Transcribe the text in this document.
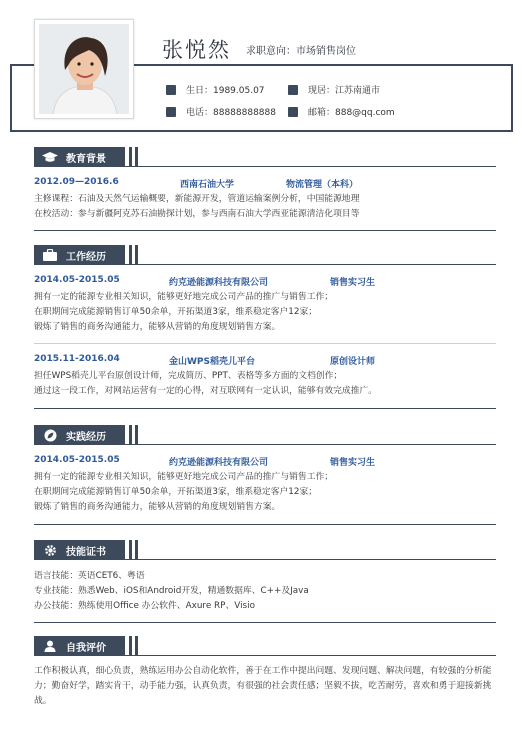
张悦然 求职意向：市场销售岗位
生日：1989.05.07	现居：江苏南通市
电话：88888888888	邮箱：888@qq.com
教育背景
2012.09—2016.6	西南石油大学	物流管理（本科）
主修课程：石油及天然气运输概要，新能源开发，管道运输案例分析，中国能源地理
在校活动：参与新疆阿克苏石油勘探计划，参与西南石油大学西亚能源清洁化项目等
工作经历
2014.05-2015.05	约克逊能源科技有限公司	销售实习生
拥有一定的能源专业相关知识，能够更好地完成公司产品的推广与销售工作；
在职期间完成能源销售订单50余单，开拓渠道3家，维系稳定客户12家；
锻炼了销售的商务沟通能力，能够从营销的角度规划销售方案。
2015.11-2016.04	金山WPS稻壳儿平台	原创设计师
担任WPS稻壳儿平台原创设计师，完成简历、PPT、表格等多方面的文档创作；
通过这一段工作，对网站运营有一定的心得，对互联网有一定认识，能够有效完成推广。
实践经历
2014.05-2015.05	约克逊能源科技有限公司	销售实习生
拥有一定的能源专业相关知识，能够更好地完成公司产品的推广与销售工作；
在职期间完成能源销售订单50余单，开拓渠道3家，维系稳定客户12家；
锻炼了销售的商务沟通能力，能够从营销的角度规划销售方案。
技能证书
语言技能：英语CET6、粤语
专业技能：熟悉Web、iOS和Android开发，精通数据库、C++及Java
办公技能：熟练使用Office 办公软件、Axure RP、Visio
自我评价
工作积极认真，细心负责，熟练运用办公自动化软件，善于在工作中提出问题、发现问题、解决问题，有较强的分析能力；勤奋好学，踏实肯干，动手能力强，认真负责，有很强的社会责任感；坚毅不拔，吃苦耐劳，喜欢和勇于迎接新挑战。
